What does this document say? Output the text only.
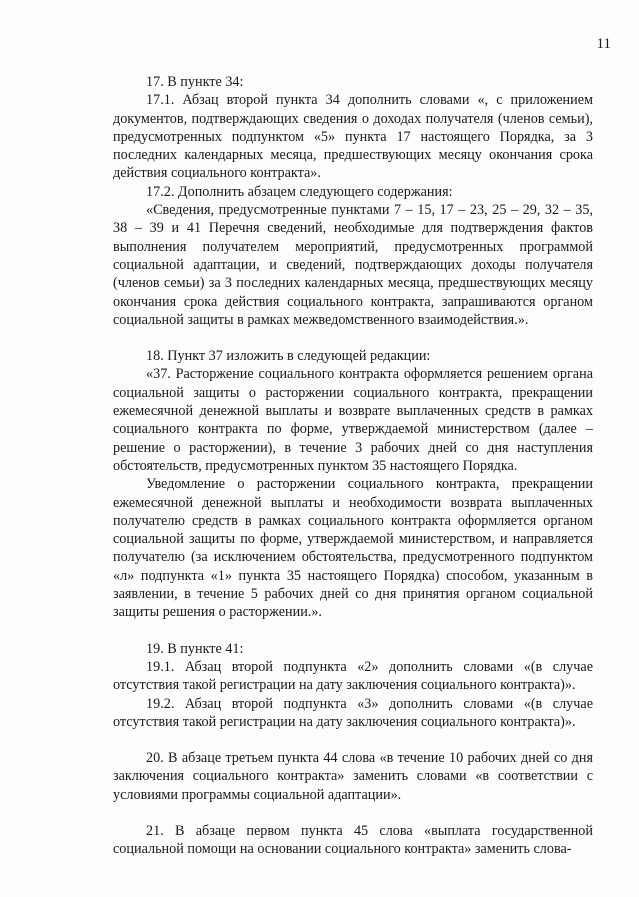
11

17. В пункте 34:

17.1. Абзац второй пункта 34 дополнить словами «, с приложением документов, подтверждающих сведения о доходах получателя (членов семьи), предусмотренных подпунктом «5» пункта 17 настоящего Порядка, за 3 последних календарных месяца, предшествующих месяцу окончания срока действия социального контракта».

17.2. Дополнить абзацем следующего содержания:

«Сведения, предусмотренные пунктами 7 – 15, 17 – 23, 25 – 29, 32 – 35, 38 – 39 и 41 Перечня сведений, необходимые для подтверждения фактов выполнения получателем мероприятий, предусмотренных программой социальной адаптации, и сведений, подтверждающих доходы получателя (членов семьи) за 3 последних календарных месяца, предшествующих месяцу окончания срока действия социального контракта, запрашиваются органом социальной защиты в рамках межведомственного взаимодействия.».

18. Пункт 37 изложить в следующей редакции:

«37. Расторжение социального контракта оформляется решением органа социальной защиты о расторжении социального контракта, прекращении ежемесячной денежной выплаты и возврате выплаченных средств в рамках социального контракта по форме, утверждаемой министерством (далее – решение о расторжении), в течение 3 рабочих дней со дня наступления обстоятельств, предусмотренных пунктом 35 настоящего Порядка.

Уведомление о расторжении социального контракта, прекращении ежемесячной денежной выплаты и необходимости возврата выплаченных получателю средств в рамках социального контракта оформляется органом социальной защиты по форме, утверждаемой министерством, и направляется получателю (за исключением обстоятельства, предусмотренного подпунктом «л» подпункта «1» пункта 35 настоящего Порядка) способом, указанным в заявлении, в течение 5 рабочих дней со дня принятия органом социальной защиты решения о расторжении.».

19. В пункте 41:

19.1. Абзац второй подпункта «2» дополнить словами «(в случае отсутствия такой регистрации на дату заключения социального контракта)».

19.2. Абзац второй подпункта «3» дополнить словами «(в случае отсутствия такой регистрации на дату заключения социального контракта)».

20. В абзаце третьем пункта 44 слова «в течение 10 рабочих дней со дня заключения социального контракта» заменить словами «в соответствии с условиями программы социальной адаптации».

21. В абзаце первом пункта 45 слова «выплата государственной социальной помощи на основании социального контракта» заменить слова-
